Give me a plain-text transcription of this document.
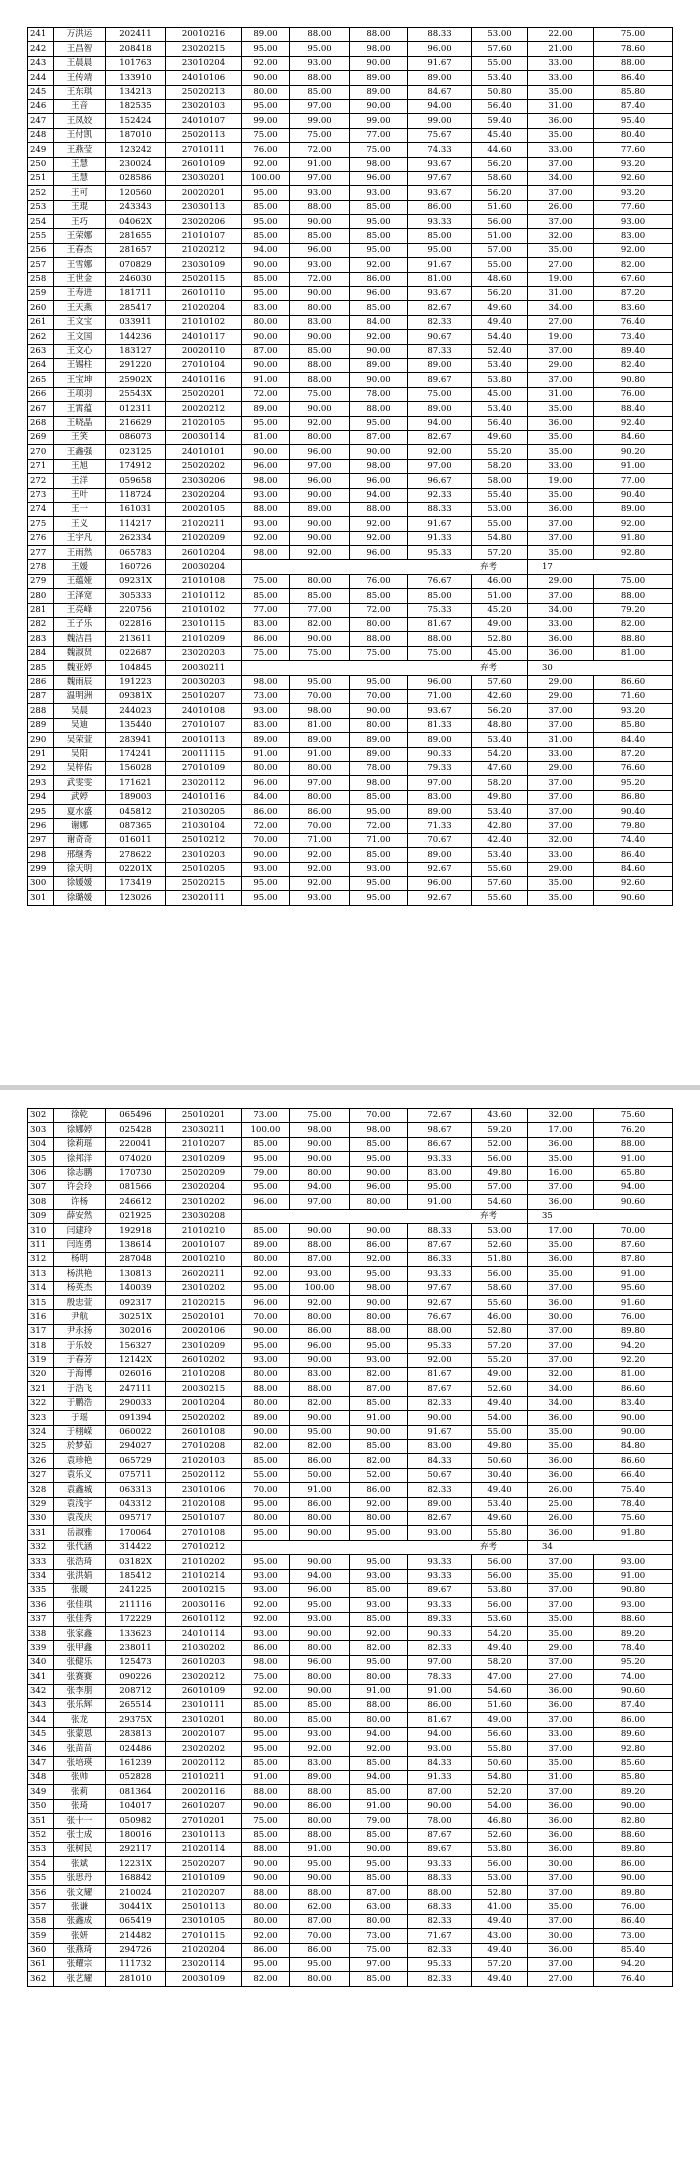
241	万洪运	202411	20010216	89.00	88.00	88.00	88.33	53.00	22.00	75.00
242	王昌智	208418	23020215	95.00	95.00	98.00	96.00	57.60	21.00	78.60
243	王晨晨	101763	23010204	92.00	93.00	90.00	91.67	55.00	33.00	88.00
244	王传靖	133910	24010106	90.00	88.00	89.00	89.00	53.40	33.00	86.40
245	王东琪	134213	25020213	80.00	85.00	89.00	84.67	50.80	35.00	85.80
246	王音	182535	23020103	95.00	97.00	90.00	94.00	56.40	31.00	87.40
247	王凤姣	152424	24010107	99.00	99.00	99.00	99.00	59.40	36.00	95.40
248	王付凯	187010	25020113	75.00	75.00	77.00	75.67	45.40	35.00	80.40
249	王燕莹	123242	27010111	76.00	72.00	75.00	74.33	44.60	33.00	77.60
250	王慧	230024	26010109	92.00	91.00	98.00	93.67	56.20	37.00	93.20
251	王慧	028586	23030201	100.00	97.00	96.00	97.67	58.60	34.00	92.60
252	王可	120560	20020201	95.00	93.00	93.00	93.67	56.20	37.00	93.20
253	王琨	243343	23030113	85.00	88.00	85.00	86.00	51.60	26.00	77.60
254	王巧	04062X	23020206	95.00	90.00	95.00	93.33	56.00	37.00	93.00
255	王荣娜	281655	21010107	85.00	85.00	85.00	85.00	51.00	32.00	83.00
256	王春杰	281657	21020212	94.00	96.00	95.00	95.00	57.00	35.00	92.00
257	王雪娜	070829	23030109	90.00	93.00	92.00	91.67	55.00	27.00	82.00
258	王世金	246030	25020115	85.00	72.00	86.00	81.00	48.60	19.00	67.60
259	王寿进	181711	26010110	95.00	90.00	96.00	93.67	56.20	31.00	87.20
260	王天燕	285417	21020204	83.00	80.00	85.00	82.67	49.60	34.00	83.60
261	王文宝	033911	21010102	80.00	83.00	84.00	82.33	49.40	27.00	76.40
262	王文国	144236	24010117	90.00	90.00	92.00	90.67	54.40	19.00	73.40
263	王文心	183127	20020110	87.00	85.00	90.00	87.33	52.40	37.00	89.40
264	王锡柱	291220	27010104	90.00	88.00	89.00	89.00	53.40	29.00	82.40
265	王宝坤	25902X	24010116	91.00	88.00	90.00	89.67	53.80	37.00	90.80
266	王项羽	25543X	25020201	72.00	75.00	78.00	75.00	45.00	31.00	76.00
267	王霄蕴	012311	20020212	89.00	90.00	88.00	89.00	53.40	35.00	88.40
268	王晓晶	216629	21020105	95.00	92.00	95.00	94.00	56.40	36.00	92.40
269	王笑	086073	20030114	81.00	80.00	87.00	82.67	49.60	35.00	84.60
270	王鑫强	023125	24010101	90.00	96.00	90.00	92.00	55.20	35.00	90.20
271	王旭	174912	25020202	96.00	97.00	98.00	97.00	58.20	33.00	91.00
272	王洋	059658	23030206	98.00	96.00	96.00	96.67	58.00	19.00	77.00
273	王叶	118724	23020204	93.00	90.00	94.00	92.33	55.40	35.00	90.40
274	王一	161031	20020105	88.00	89.00	88.00	88.33	53.00	36.00	89.00
275	王义	114217	21020211	93.00	90.00	92.00	91.67	55.00	37.00	92.00
276	王宇凡	262334	21020209	92.00	90.00	92.00	91.33	54.80	37.00	91.80
277	王雨然	065783	26010204	98.00	92.00	96.00	95.33	57.20	35.00	92.80
278	王媛	160726	20030204	弃考					17	
279	王蕴娅	09231X	21010108	75.00	80.00	76.00	76.67	46.00	29.00	75.00
280	王泽宽	305333	21010112	85.00	85.00	85.00	85.00	51.00	37.00	88.00
281	王亮峰	220756	21010102	77.00	77.00	72.00	75.33	45.20	34.00	79.20
282	王子乐	022816	23010115	83.00	82.00	80.00	81.67	49.00	33.00	82.00
283	魏洁昌	213611	21010209	86.00	90.00	88.00	88.00	52.80	36.00	88.80
284	魏淑贤	022687	23020203	75.00	75.00	75.00	75.00	45.00	36.00	81.00
285	魏亚婷	104845	20030211	弃考					30	
286	魏雨辰	191223	20030203	98.00	95.00	95.00	96.00	57.60	29.00	86.60
287	温明洲	09381X	25010207	73.00	70.00	70.00	71.00	42.60	29.00	71.60
288	吴晨	244023	24010108	93.00	98.00	90.00	93.67	56.20	37.00	93.20
289	吴迪	135440	27010107	83.00	81.00	80.00	81.33	48.80	37.00	85.80
290	吴荣萱	283941	20010113	89.00	89.00	89.00	89.00	53.40	31.00	84.40
291	吴阳	174241	20011115	91.00	91.00	89.00	90.33	54.20	33.00	87.20
292	吴梓佑	156028	27010109	80.00	80.00	78.00	79.33	47.60	29.00	76.60
293	武雯雯	171621	23020112	96.00	97.00	98.00	97.00	58.20	37.00	95.20
294	武婷	189003	24010116	84.00	80.00	85.00	83.00	49.80	37.00	86.80
295	夏水盛	045812	21030205	86.00	86.00	95.00	89.00	53.40	37.00	90.40
296	谢娜	087365	21030104	72.00	70.00	72.00	71.33	42.80	37.00	79.80
297	谢奇奇	016011	25010212	70.00	71.00	71.00	70.67	42.40	32.00	74.40
298	邢继秀	278622	23010203	90.00	92.00	85.00	89.00	53.40	33.00	86.40
299	徐天明	02201X	25010205	93.00	92.00	93.00	92.67	55.60	29.00	84.60
300	徐媛媛	173419	25020215	95.00	92.00	95.00	96.00	57.60	35.00	92.60
301	徐璐媛	123026	23020111	95.00	93.00	95.00	92.67	55.60	35.00	90.60
302	徐乾	065496	25010201	73.00	75.00	70.00	72.67	43.60	32.00	75.60
303	徐娜婷	025428	23030211	100.00	98.00	98.00	98.67	59.20	17.00	76.20
304	徐莉瑶	220041	21010207	85.00	90.00	85.00	86.67	52.00	36.00	88.00
305	徐邦洋	074020	23010209	95.00	90.00	95.00	93.33	56.00	35.00	91.00
306	徐志鹏	170730	25020209	79.00	80.00	90.00	83.00	49.80	16.00	65.80
307	许会玲	081566	23020204	95.00	94.00	96.00	95.00	57.00	37.00	94.00
308	许杨	246612	23010202	96.00	97.00	80.00	91.00	54.60	36.00	90.60
309	薛安然	021925	23030208	弃考					35	
310	闫建玲	192918	21010210	85.00	90.00	90.00	88.33	53.00	17.00	70.00
311	闫连勇	138614	20010107	89.00	88.00	86.00	87.67	52.60	35.00	87.60
312	杨明	287048	20010210	80.00	87.00	92.00	86.33	51.80	36.00	87.80
313	杨洪艳	130813	26020211	92.00	93.00	95.00	93.33	56.00	35.00	91.00
314	杨英杰	140039	23010202	95.00	100.00	98.00	97.67	58.60	37.00	95.60
315	殷忠萱	092317	21020215	96.00	92.00	90.00	92.67	55.60	36.00	91.60
316	尹航	30251X	25020101	70.00	80.00	80.00	76.67	46.00	30.00	76.00
317	尹永扬	302016	20020106	90.00	86.00	88.00	88.00	52.80	37.00	89.80
318	于乐姣	156327	23010209	95.00	96.00	95.00	95.33	57.20	37.00	94.20
319	于春芳	12142X	26010202	93.00	90.00	93.00	92.00	55.20	37.00	92.20
320	于海博	026016	21010208	80.00	83.00	82.00	81.67	49.00	32.00	81.00
321	于浩飞	247111	20030215	88.00	88.00	87.00	87.67	52.60	34.00	86.60
322	于鹏浩	290033	20010204	80.00	82.00	85.00	82.33	49.40	34.00	83.40
323	于瑶	091394	25020202	89.00	90.00	91.00	90.00	54.00	36.00	90.00
324	于栩嵘	060022	26010108	90.00	95.00	90.00	91.67	55.00	35.00	90.00
325	於梦茹	294027	27010208	82.00	82.00	85.00	83.00	49.80	35.00	84.80
326	袁珍艳	065729	21020103	85.00	86.00	82.00	84.33	50.60	36.00	86.60
327	袁乐义	075711	25020112	55.00	50.00	52.00	50.67	30.40	36.00	66.40
328	袁鑫城	063313	23010106	70.00	91.00	86.00	82.33	49.40	26.00	75.40
329	袁浅宇	043312	21020108	95.00	86.00	92.00	89.00	53.40	25.00	78.40
330	袁茂庆	095717	25010107	80.00	80.00	80.00	82.67	49.60	26.00	75.60
331	岳淑雅	170064	27010108	95.00	90.00	95.00	93.00	55.80	36.00	91.80
332	张代涵	314422	27010212	弃考					34	
333	张浩琦	03182X	21010202	95.00	90.00	95.00	93.33	56.00	37.00	93.00
334	张洪娟	185412	21010214	93.00	94.00	93.00	93.33	56.00	35.00	91.00
335	张暖	241225	20010215	93.00	96.00	85.00	89.67	53.80	37.00	90.80
336	张佳琪	211116	20030116	92.00	95.00	93.00	93.33	56.00	37.00	93.00
337	张佳秀	172229	26010112	92.00	93.00	85.00	89.33	53.60	35.00	88.60
338	张家鑫	133623	24010114	93.00	90.00	92.00	90.33	54.20	35.00	89.20
339	张甲鑫	238011	21030202	86.00	80.00	82.00	82.33	49.40	29.00	78.40
340	张健乐	125473	26010203	98.00	96.00	95.00	97.00	58.20	37.00	95.20
341	张赛赛	090226	23020212	75.00	80.00	80.00	78.33	47.00	27.00	74.00
342	张李朋	208712	26010109	92.00	90.00	91.00	91.00	54.60	36.00	90.60
343	张乐辉	265514	23010111	85.00	85.00	88.00	86.00	51.60	36.00	87.40
344	张龙	29375X	23010201	80.00	85.00	80.00	81.67	49.00	37.00	86.00
345	张蒙恩	283813	20020107	95.00	93.00	94.00	94.00	56.60	33.00	89.60
346	张苗苗	024486	23020202	95.00	92.00	92.00	93.00	55.80	37.00	92.80
347	张培瑛	161239	20020112	85.00	83.00	85.00	84.33	50.60	35.00	85.60
348	张帅	052828	21010211	91.00	89.00	94.00	91.33	54.80	31.00	85.80
349	张莉	081364	20020116	88.00	88.00	85.00	87.00	52.20	37.00	89.20
350	张琦	104017	26010207	90.00	86.00	91.00	90.00	54.00	36.00	90.00
351	张十一	050982	27010201	75.00	80.00	79.00	78.00	46.80	36.00	82.80
352	张士成	180016	23010113	85.00	88.00	85.00	87.67	52.60	36.00	88.60
353	张树民	292117	21020114	88.00	91.00	90.00	89.67	53.80	36.00	89.80
354	张斌	12231X	25020207	90.00	95.00	95.00	93.33	56.00	30.00	86.00
355	张思丹	168842	21010109	90.00	90.00	85.00	88.33	53.00	37.00	90.00
356	张文耀	210024	21020207	88.00	88.00	87.00	88.00	52.80	37.00	89.80
357	张谦	30441X	25010113	80.00	62.00	63.00	68.33	41.00	35.00	76.00
358	张鑫成	065419	23010105	80.00	87.00	80.00	82.33	49.40	37.00	86.40
359	张妍	214482	27010115	92.00	70.00	73.00	71.67	43.00	30.00	73.00
360	张燕琦	294726	21020204	86.00	86.00	75.00	82.33	49.40	36.00	85.40
361	张耀宗	111732	23020114	95.00	95.00	97.00	95.33	57.20	37.00	94.20
362	张艺耀	281010	20030109	82.00	80.00	85.00	82.33	49.40	27.00	76.40
